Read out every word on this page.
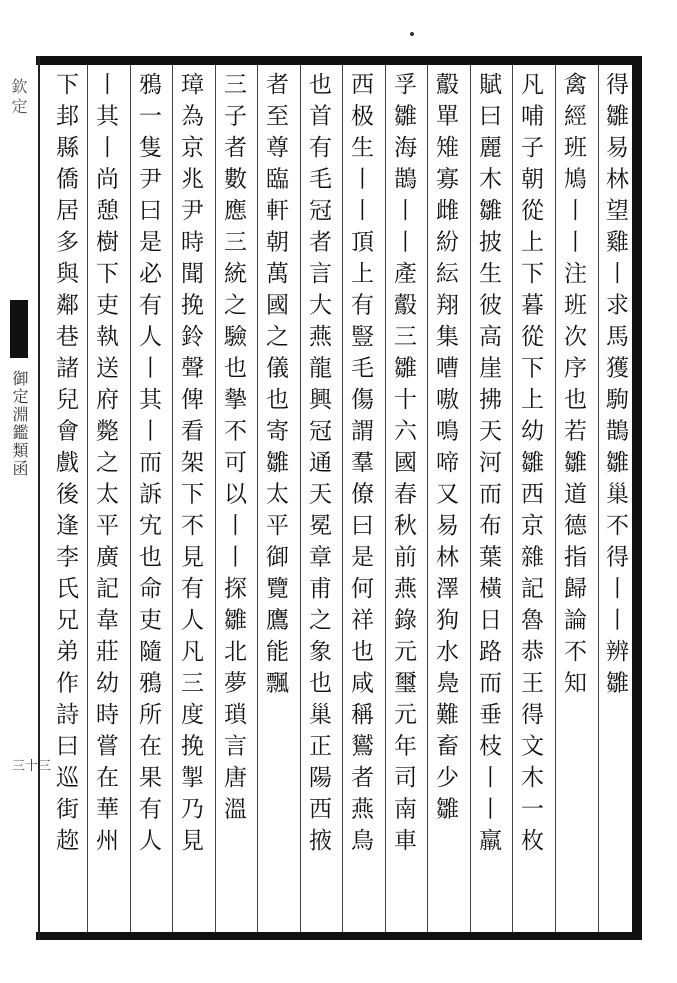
欽定
御定淵鑑類函
三十三
得雛易林望雞丨求馬獲駒鵲雛巢不得丨丨辨雛
禽經班鳩丨丨注班次序也若雛道德指歸論不知
凡哺子朝從上下暮從下上幼雛西京雜記魯恭王得文木一枚
賦曰麗木雛披生彼高崖拂天河而布葉橫日路而垂枝丨丨羸
鷇單雉寡雌紛紜翔集嘈嗷鳴啼又易林澤狗水鳧難畜少雛
孚雛海鵲丨丨產鷇三雛十六國春秋前燕錄元璽元年司南車
西极生丨丨頂上有豎毛傷謂羣僚曰是何祥也咸稱鸑者燕鳥
也首有毛冠者言大燕龍興冠通天冕章甫之象也巢正陽西掖
者至尊臨軒朝萬國之儀也寄雛太平御覽鷹能飄
三子者數應三統之驗也摰不可以丨丨探雛北夢瑣言唐溫
璋為京兆尹時聞挽鈴聲俾看架下不見有人凡三度挽掣乃見
鴉一隻尹曰是必有人丨其丨而訴宄也命吏隨鴉所在果有人
丨其丨尚憩樹下吏執送府斃之太平廣記韋莊幼時嘗在華州
下邽縣僑居多與鄰巷諸兒會戲後逢李氏兄弟作詩曰巡街趂
